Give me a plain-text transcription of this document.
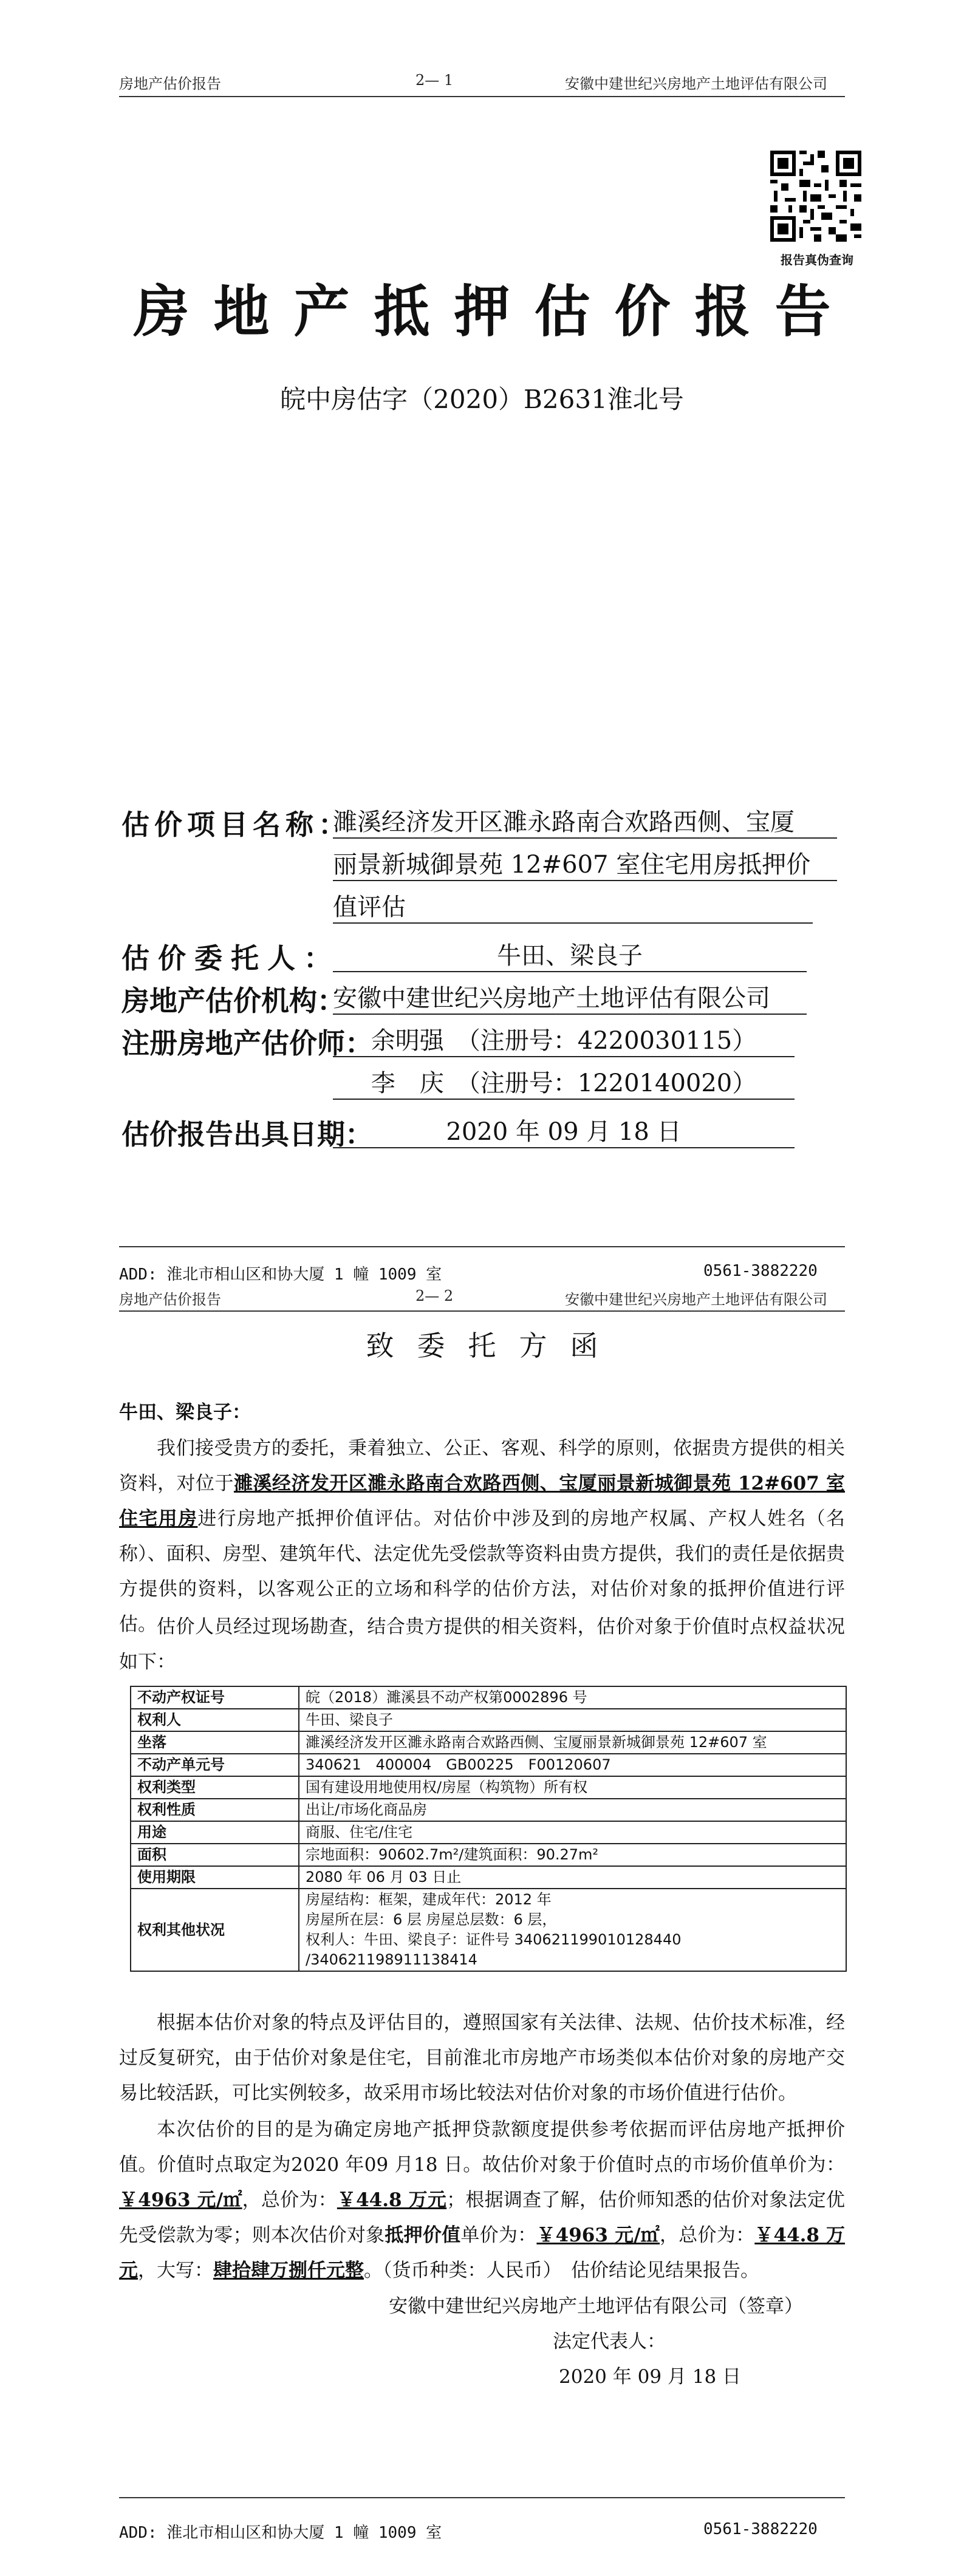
房地产估价报告	2— 1	安徽中建世纪兴房地产土地评估有限公司
报告真伪查询
房地产抵押估价报告
皖中房估字（2020）B2631淮北号
估价项目名称：
濉溪经济发开区濉永路南合欢路西侧、宝厦
丽景新城御景苑 12#607 室住宅用房抵押价
值评估
估价委托人：	牛田、梁良子
房地产估价机构：
安徽中建世纪兴房地产土地评估有限公司
注册房地产估价师：
余明强　（注册号：4220030115）
李　庆　（注册号：1220140020）
估价报告出具日期：	2020 年 09 月 18 日
ADD: 淮北市相山区和协大厦 1 幢 1009 室	0561-3882220
房地产估价报告	2— 2	安徽中建世纪兴房地产土地评估有限公司
致委托方函
牛田、梁良子：
我们接受贵方的委托，秉着独立、公正、客观、科学的原则，依据贵方提供的相关资料，对位于濉溪经济发开区濉永路南合欢路西侧、宝厦丽景新城御景苑 12#607 室住宅用房进行房地产抵押价值评估。对估价中涉及到的房地产权属、产权人姓名（名称）、面积、房型、建筑年代、法定优先受偿款等资料由贵方提供，我们的责任是依据贵方提供的资料，以客观公正的立场和科学的估价方法，对估价对象的抵押价值进行评估。 估价人员经过现场勘查，结合贵方提供的相关资料，估价对象于价值时点权益状况如下：
不动产权证号	皖（2018）濉溪县不动产权第0002896 号

权利人	牛田、梁良子

坐落	濉溪经济发开区濉永路南合欢路西侧、宝厦丽景新城御景苑 12#607 室

不动产单元号	340621　400004　GB00225　F00120607

权利类型	国有建设用地使用权/房屋（构筑物）所有权

权利性质	出让/市场化商品房

用途	商服、住宅/住宅

面积	宗地面积：90602.7m²/建筑面积：90.27m²

使用期限	2080 年 06 月 03 日止

权利其他状况	房屋结构：框架，建成年代：2012 年
房屋所在层：6 层 房屋总层数：6 层，
权利人：牛田、梁良子：证件号 340621199010128440
/340621198911138414
根据本估价对象的特点及评估目的，遵照国家有关法律、法规、估价技术标准，经过反复研究，由于估价对象是住宅，目前淮北市房地产市场类似本估价对象的房地产交易比较活跃，可比实例较多，故采用市场比较法对估价对象的市场价值进行估价。
本次估价的目的是为确定房地产抵押贷款额度提供参考依据而评估房地产抵押价值。价值时点取定为2020 年09 月18 日。故估价对象于价值时点的市场价值单价为：￥4963 元/㎡，总价为：￥44.8 万元；根据调查了解，估价师知悉的估价对象法定优先受偿款为零；则本次估价对象抵押价值单价为：￥4963 元/㎡，总价为：￥44.8 万元，大写：肆拾肆万捌仟元整。（货币种类：人民币）　估价结论见结果报告。
安徽中建世纪兴房地产土地评估有限公司（签章）
法定代表人：
2020 年 09 月 18 日
ADD: 淮北市相山区和协大厦 1 幢 1009 室	0561-3882220
